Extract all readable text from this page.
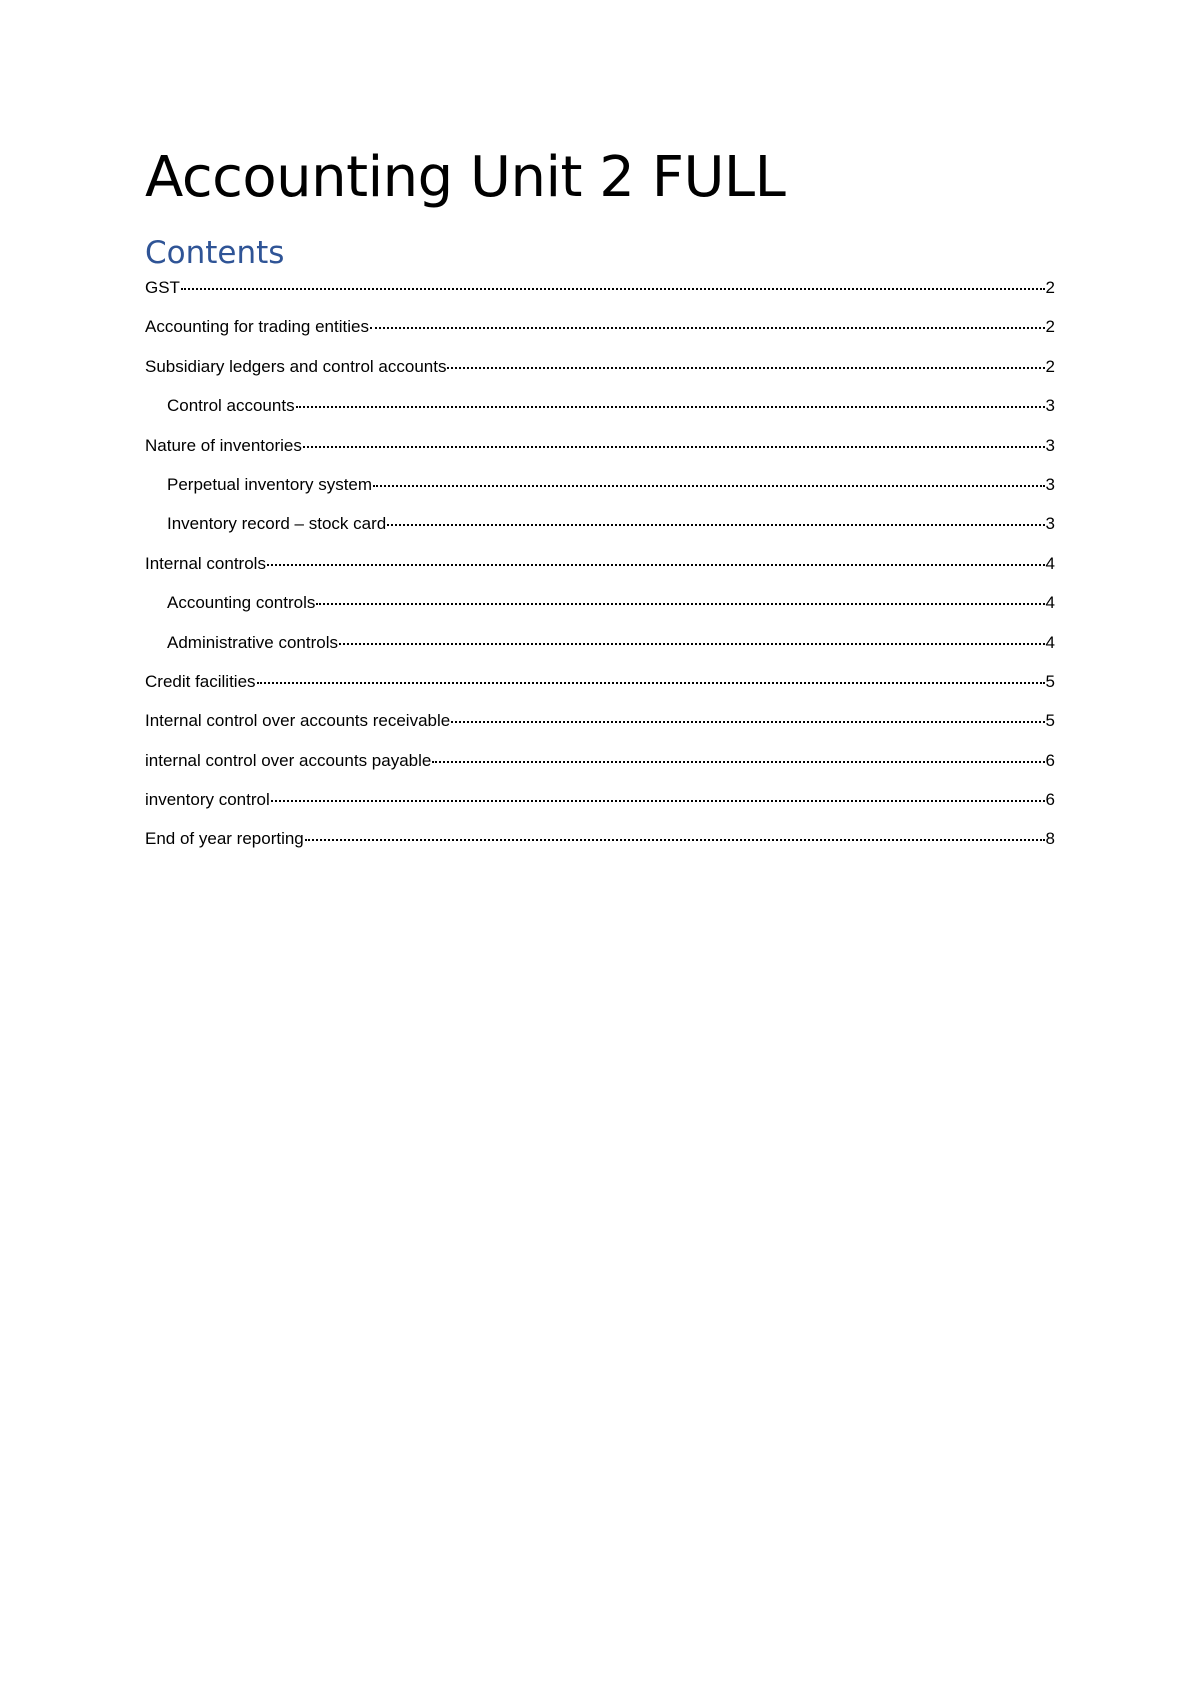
Accounting Unit 2 FULL
Contents
GST	2
Accounting for trading entities	2
Subsidiary ledgers and control accounts	2
Control accounts	3
Nature of inventories	3
Perpetual inventory system	3
Inventory record – stock card	3
Internal controls	4
Accounting controls	4
Administrative controls	4
Credit facilities	5
Internal control over accounts receivable	5
internal control over accounts payable	6
inventory control	6
End of year reporting	8
